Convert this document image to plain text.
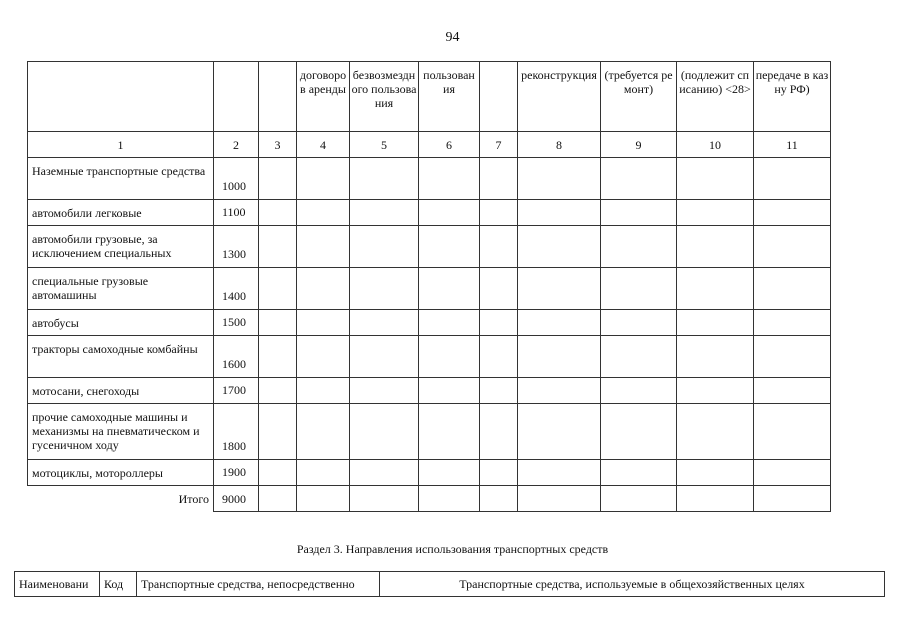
94
			договоров аренды	безвозмездного пользования	пользования		реконструкция	(требуется ремонт)	(подлежит списанию) <28>	передаче в казну РФ)
1	2	3	4	5	6	7	8	9	10	11
Наземные транспортные средства	1000									
автомобили легковые	1100									
автомобили грузовые, за исключением специальных	1300									
специальные грузовые автомашины	1400									
автобусы	1500									
тракторы самоходные комбайны	1600									
мотосани, снегоходы	1700									
прочие самоходные машины и механизмы на пневматическом и гусеничном ходу	1800									
мотоциклы, мотороллеры	1900									
Итого	9000									
Раздел 3. Направления использования транспортных средств
Наименовани	Код	Транспортные средства, непосредственно	Транспортные средства, используемые в общехозяйственных целях
